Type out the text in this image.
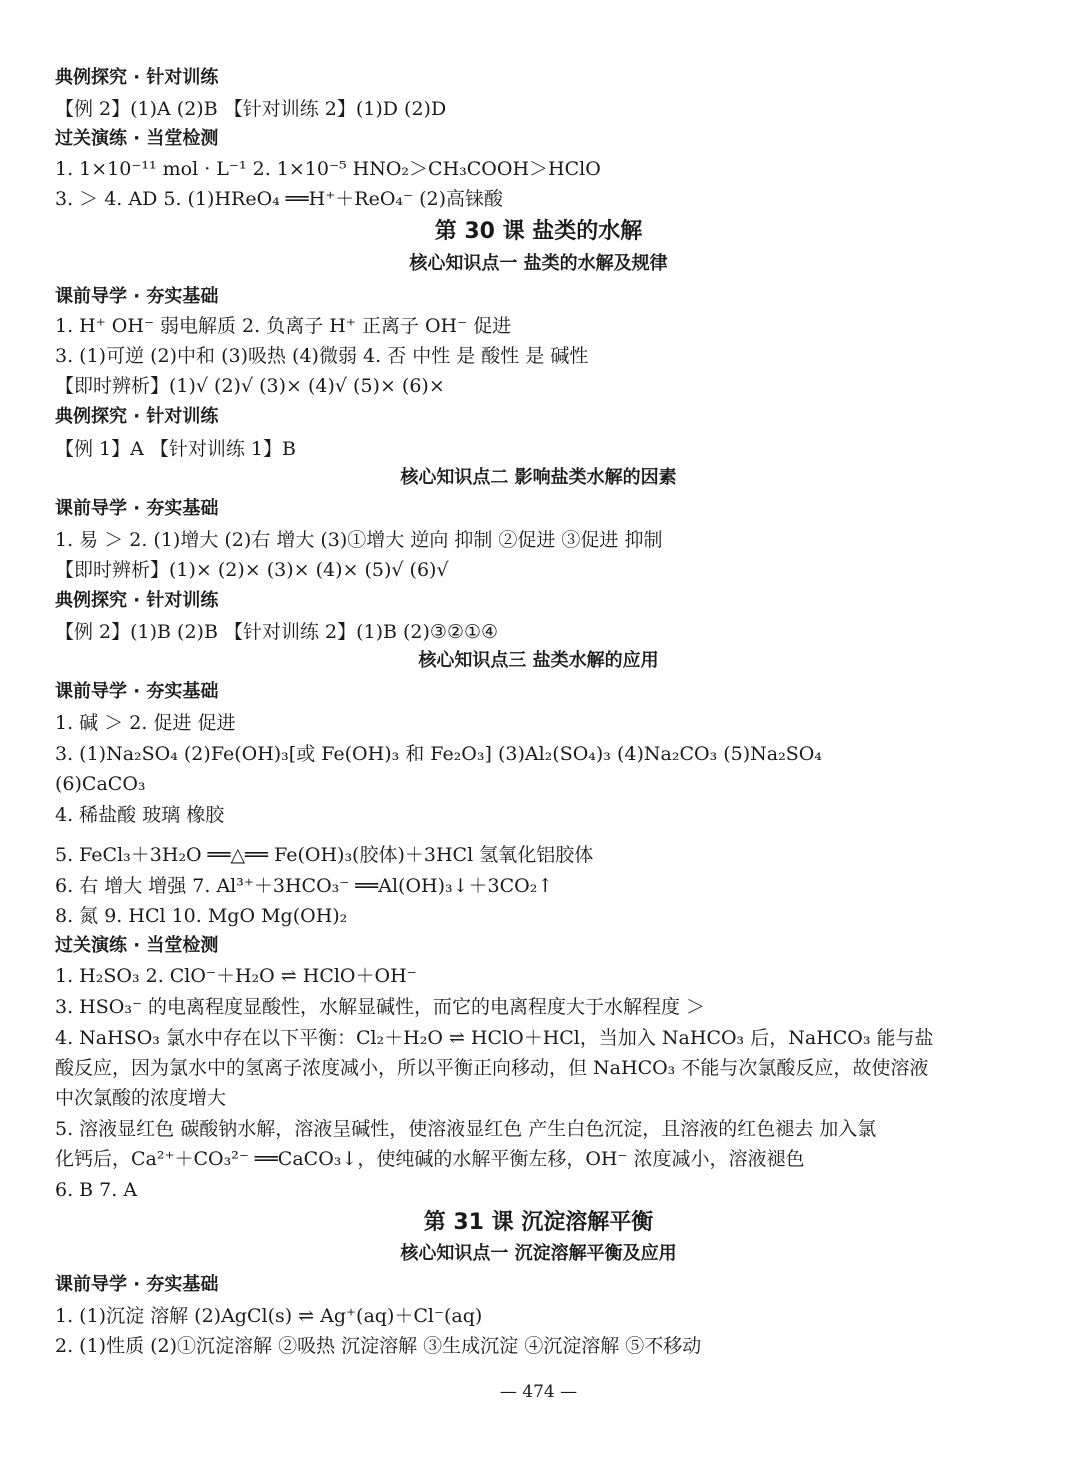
典例探究 · 针对训练
【例 2】(1)A (2)B 【针对训练 2】(1)D (2)D
过关演练 · 当堂检测
1. 1×10⁻¹¹ mol · L⁻¹ 2. 1×10⁻⁵ HNO₂＞CH₃COOH＞HClO
3. ＞ 4. AD 5. (1)HReO₄ ══H⁺＋ReO₄⁻ (2)高铼酸
第 30 课 盐类的水解
核心知识点一 盐类的水解及规律
课前导学 · 夯实基础
1. H⁺ OH⁻ 弱电解质 2. 负离子 H⁺ 正离子 OH⁻ 促进
3. (1)可逆 (2)中和 (3)吸热 (4)微弱 4. 否 中性 是 酸性 是 碱性
【即时辨析】(1)√ (2)√ (3)× (4)√ (5)× (6)×
典例探究 · 针对训练
【例 1】A 【针对训练 1】B
核心知识点二 影响盐类水解的因素
课前导学 · 夯实基础
1. 易 ＞ 2. (1)增大 (2)右 增大 (3)①增大 逆向 抑制 ②促进 ③促进 抑制
【即时辨析】(1)× (2)× (3)× (4)× (5)√ (6)√
典例探究 · 针对训练
【例 2】(1)B (2)B 【针对训练 2】(1)B (2)③②①④
核心知识点三 盐类水解的应用
课前导学 · 夯实基础
1. 碱 ＞ 2. 促进 促进
3. (1)Na₂SO₄ (2)Fe(OH)₃[或 Fe(OH)₃ 和 Fe₂O₃] (3)Al₂(SO₄)₃ (4)Na₂CO₃ (5)Na₂SO₄
(6)CaCO₃
4. 稀盐酸 玻璃 橡胶
5. FeCl₃＋3H₂O ══△══ Fe(OH)₃(胶体)＋3HCl 氢氧化铝胶体
6. 右 增大 增强 7. Al³⁺＋3HCO₃⁻ ══Al(OH)₃↓＋3CO₂↑
8. 氮 9. HCl 10. MgO Mg(OH)₂
过关演练 · 当堂检测
1. H₂SO₃ 2. ClO⁻＋H₂O ⇌ HClO＋OH⁻
3. HSO₃⁻ 的电离程度显酸性，水解显碱性，而它的电离程度大于水解程度 ＞
4. NaHSO₃ 氯水中存在以下平衡：Cl₂＋H₂O ⇌ HClO＋HCl，当加入 NaHCO₃ 后，NaHCO₃ 能与盐
酸反应，因为氯水中的氢离子浓度减小，所以平衡正向移动，但 NaHCO₃ 不能与次氯酸反应，故使溶液
中次氯酸的浓度增大
5. 溶液显红色 碳酸钠水解，溶液呈碱性，使溶液显红色 产生白色沉淀，且溶液的红色褪去 加入氯
化钙后，Ca²⁺＋CO₃²⁻ ══CaCO₃↓，使纯碱的水解平衡左移，OH⁻ 浓度减小，溶液褪色
6. B 7. A
第 31 课 沉淀溶解平衡
核心知识点一 沉淀溶解平衡及应用
课前导学 · 夯实基础
1. (1)沉淀 溶解 (2)AgCl(s) ⇌ Ag⁺(aq)＋Cl⁻(aq)
2. (1)性质 (2)①沉淀溶解 ②吸热 沉淀溶解 ③生成沉淀 ④沉淀溶解 ⑤不移动
— 474 —
